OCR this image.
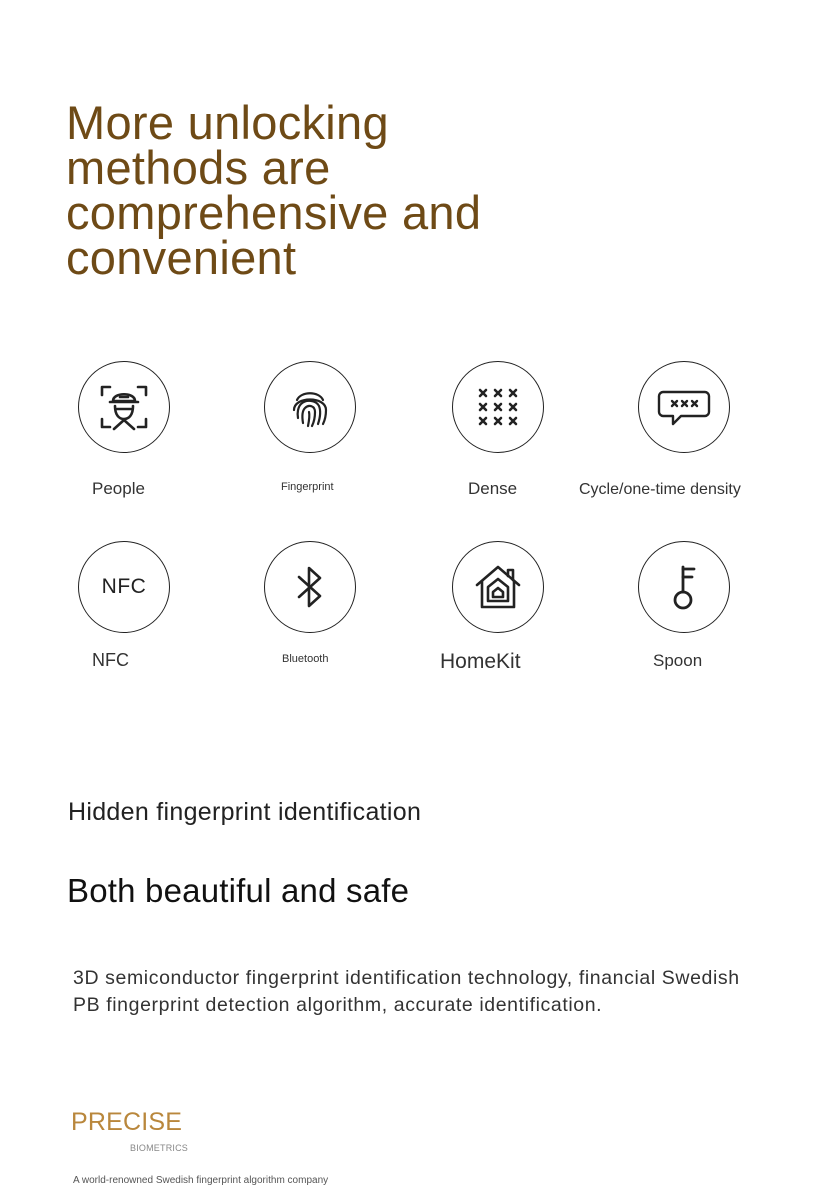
More unlocking
methods are
comprehensive and
convenient
People	Fingerprint	Dense	Cycle/one-time density
NFC
NFC	Bluetooth	HomeKit	Spoon
Hidden fingerprint identification
Both beautiful and safe

3D semiconductor fingerprint identification technology, financial Swedish PB fingerprint detection algorithm, accurate identification.

PRECISE
BIOMETRICS
A world-renowned Swedish fingerprint algorithm company
